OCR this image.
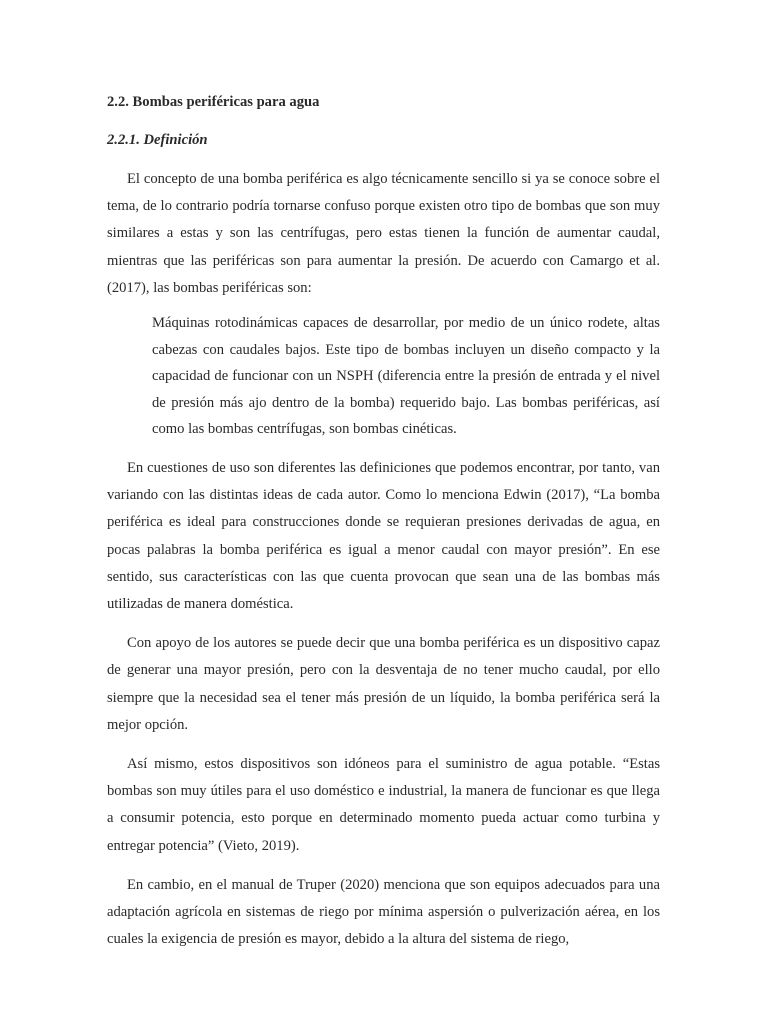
2.2. Bombas periféricas para agua
2.2.1. Definición

El concepto de una bomba periférica es algo técnicamente sencillo si ya se conoce sobre el tema, de lo contrario podría tornarse confuso porque existen otro tipo de bombas que son muy similares a estas y son las centrífugas, pero estas tienen la función de aumentar caudal, mientras que las periféricas son para aumentar la presión. De acuerdo con Camargo et al. (2017), las bombas periféricas son:

Máquinas rotodinámicas capaces de desarrollar, por medio de un único rodete, altas cabezas con caudales bajos. Este tipo de bombas incluyen un diseño compacto y la capacidad de funcionar con un NSPH (diferencia entre la presión de entrada y el nivel de presión más ajo dentro de la bomba) requerido bajo. Las bombas periféricas, así como las bombas centrífugas, son bombas cinéticas.

En cuestiones de uso son diferentes las definiciones que podemos encontrar, por tanto, van variando con las distintas ideas de cada autor. Como lo menciona Edwin (2017), “La bomba periférica es ideal para construcciones donde se requieran presiones derivadas de agua, en pocas palabras la bomba periférica es igual a menor caudal con mayor presión”. En ese sentido, sus características con las que cuenta provocan que sean una de las bombas más utilizadas de manera doméstica.

Con apoyo de los autores se puede decir que una bomba periférica es un dispositivo capaz de generar una mayor presión, pero con la desventaja de no tener mucho caudal, por ello siempre que la necesidad sea el tener más presión de un líquido, la bomba periférica será la mejor opción.

Así mismo, estos dispositivos son idóneos para el suministro de agua potable. “Estas bombas son muy útiles para el uso doméstico e industrial, la manera de funcionar es que llega a consumir potencia, esto porque en determinado momento pueda actuar como turbina y entregar potencia” (Vieto, 2019).

En cambio, en el manual de Truper (2020) menciona que son equipos adecuados para una adaptación agrícola en sistemas de riego por mínima aspersión o pulverización aérea, en los cuales la exigencia de presión es mayor, debido a la altura del sistema de riego,
